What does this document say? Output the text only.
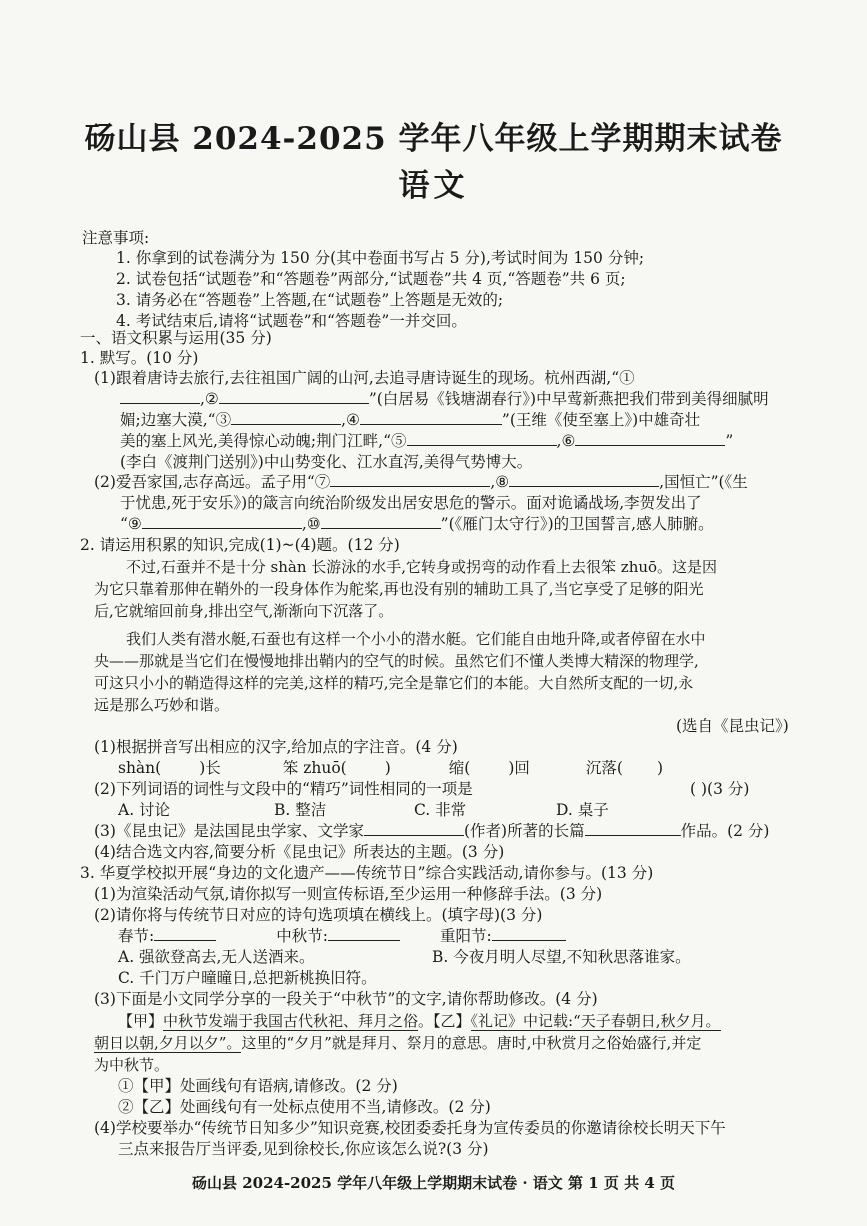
砀山县 2024-2025 学年八年级上学期期末试卷
语文
注意事项:
1. 你拿到的试卷满分为 150 分(其中卷面书写占 5 分),考试时间为 150 分钟;
2. 试卷包括“试题卷”和“答题卷”两部分,“试题卷”共 4 页,“答题卷”共 6 页;
3. 请务必在“答题卷”上答题,在“试题卷”上答题是无效的;
4. 考试结束后,请将“试题卷”和“答题卷”一并交回。
一、语文积累与运用(35 分)
1. 默写。(10 分)
(1)跟着唐诗去旅行,去往祖国广阔的山河,去追寻唐诗诞生的现场。杭州西湖,“①
,②	”(白居易《钱塘湖春行》)中早莺新燕把我们带到美得细腻明
媚;边塞大漠,“③	,④	”(王维《使至塞上》)中雄奇壮
美的塞上风光,美得惊心动魄;荆门江畔,“⑤	,⑥	”
(李白《渡荆门送别》)中山势变化、江水直泻,美得气势博大。
(2)爱吾家国,志存高远。孟子用“⑦	,⑧	,国恒亡”(《生
于忧患,死于安乐》)的箴言向统治阶级发出居安思危的警示。面对诡谲战场,李贺发出了
“⑨	,⑩	”(《雁门太守行》)的卫国誓言,感人肺腑。
2. 请运用积累的知识,完成(1)~(4)题。(12 分)
不过,石蚕并不是十分 shàn 长游泳的水手,它转身或拐弯的动作看上去很笨 zhuō。这是因
为它只靠着那伸在鞘外的一段身体作为舵桨,再也没有别的辅助工具了,当它享受了足够的阳光
后,它就缩回前身,排出空气,渐渐向下沉落了。
我们人类有潜水艇,石蚕也有这样一个小小的潜水艇。它们能自由地升降,或者停留在水中
央——那就是当它们在慢慢地排出鞘内的空气的时候。虽然它们不懂人类博大精深的物理学,
可这只小小的鞘造得这样的完美,这样的精巧,完全是靠它们的本能。大自然所支配的一切,永
远是那么巧妙和谐。
(选自《昆虫记》)
(1)根据拼音写出相应的汉字,给加点的字注音。(4 分)
shàn( )长	笨 zhuō( )	缩( )回	沉落( )
(2)下列词语的词性与文段中的“精巧”词性相同的一项是	( )(3 分)
A. 讨论	B. 整洁	C. 非常	D. 桌子
(3)《昆虫记》是法国昆虫学家、文学家	(作者)所著的长篇	作品。(2 分)
(4)结合选文内容,简要分析《昆虫记》所表达的主题。(3 分)
3. 华夏学校拟开展“身边的文化遗产——传统节日”综合实践活动,请你参与。(13 分)
(1)为渲染活动气氛,请你拟写一则宣传标语,至少运用一种修辞手法。(3 分)
(2)请你将与传统节日对应的诗句选项填在横线上。(填字母)(3 分)
春节:	中秋节:	重阳节:
A. 强欲登高去,无人送酒来。	B. 今夜月明人尽望,不知秋思落谁家。
C. 千门万户曈曈日,总把新桃换旧符。
(3)下面是小文同学分享的一段关于“中秋节”的文字,请你帮助修改。(4 分)
【甲】中秋节发端于我国古代秋祀、拜月之俗。【乙】《礼记》中记载:“天子春朝日,秋夕月。
朝日以朝,夕月以夕”。这里的“夕月”就是拜月、祭月的意思。唐时,中秋赏月之俗始盛行,并定
为中秋节。
①【甲】处画线句有语病,请修改。(2 分)
②【乙】处画线句有一处标点使用不当,请修改。(2 分)
(4)学校要举办“传统节日知多少”知识竞赛,校团委委托身为宣传委员的你邀请徐校长明天下午
三点来报告厅当评委,见到徐校长,你应该怎么说?(3 分)
砀山县 2024-2025 学年八年级上学期期末试卷 · 语文 第 1 页 共 4 页
